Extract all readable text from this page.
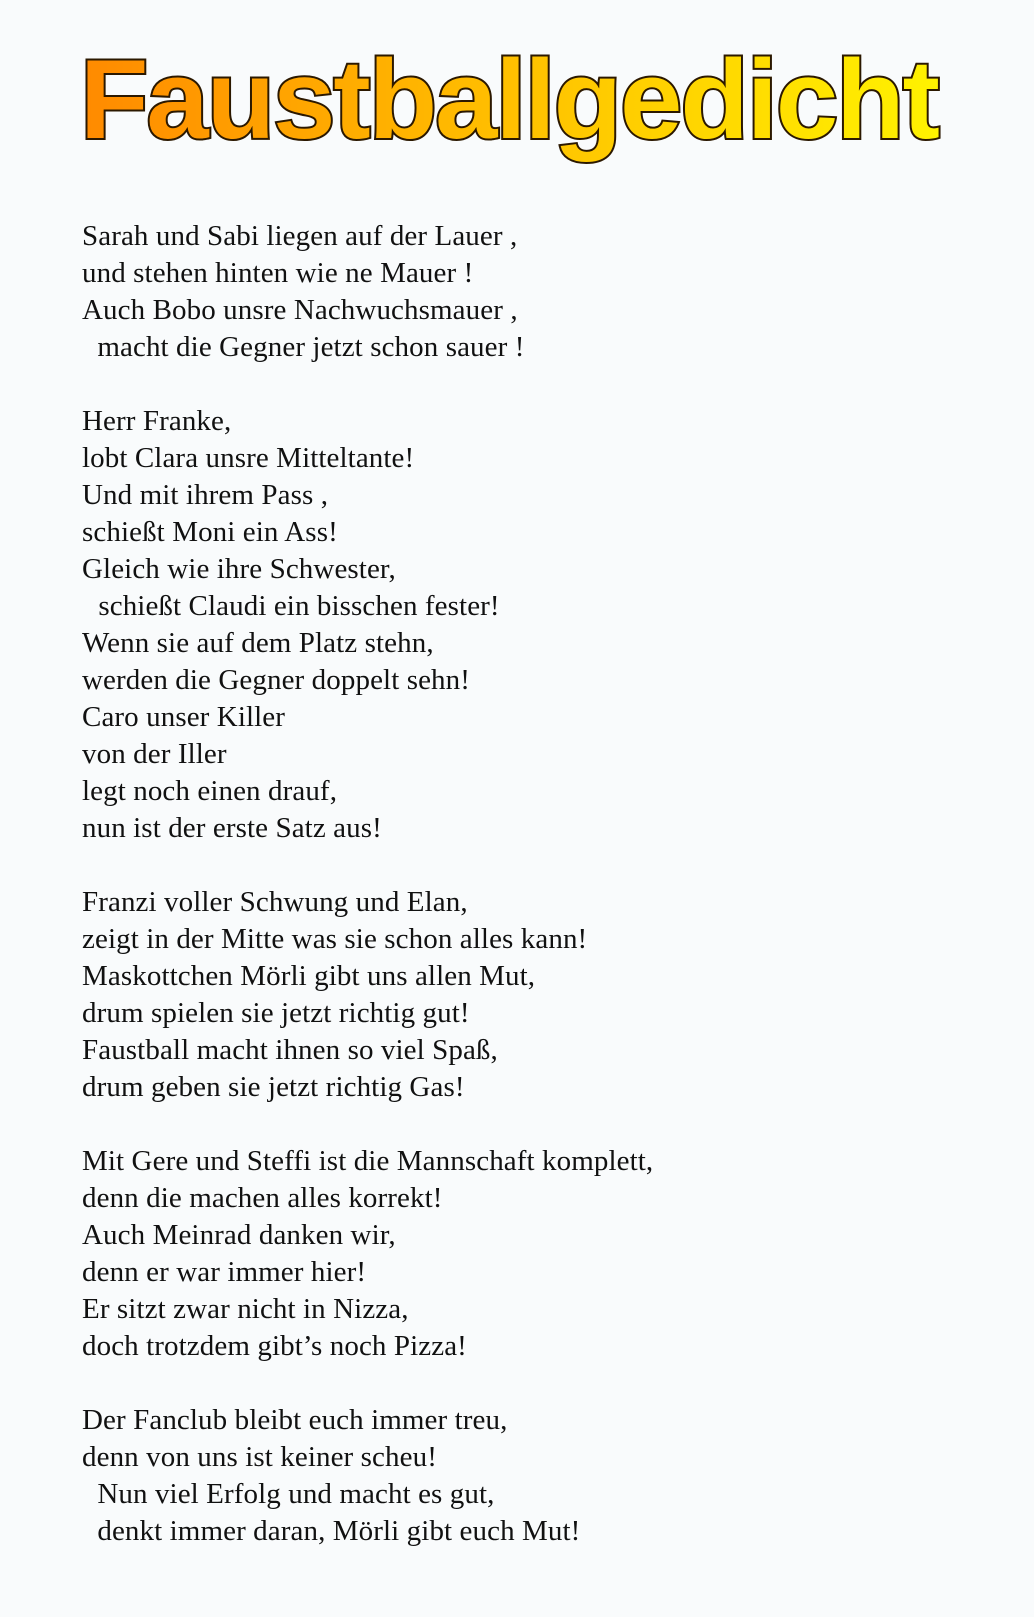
Faustballgedicht
Sarah und Sabi liegen auf der Lauer ,
und stehen hinten wie ne Mauer !
Auch Bobo unsre Nachwuchsmauer ,
macht die Gegner jetzt schon sauer !
Herr Franke,
lobt Clara unsre Mitteltante!
Und mit ihrem Pass ,
schießt Moni ein Ass!
Gleich wie ihre Schwester,
schießt Claudi ein bisschen fester!
Wenn sie auf dem Platz stehn,
werden die Gegner doppelt sehn!
Caro unser Killer
von der Iller
legt noch einen drauf,
nun ist der erste Satz aus!
Franzi voller Schwung und Elan,
zeigt in der Mitte was sie schon alles kann!
Maskottchen Mörli gibt uns allen Mut,
drum spielen sie jetzt richtig gut!
Faustball macht ihnen so viel Spaß,
drum geben sie jetzt richtig Gas!
Mit Gere und Steffi ist die Mannschaft komplett,
denn die machen alles korrekt!
Auch Meinrad danken wir,
denn er war immer hier!
Er sitzt zwar nicht in Nizza,
doch trotzdem gibt’s noch Pizza!
Der Fanclub bleibt euch immer treu,
denn von uns ist keiner scheu!
Nun viel Erfolg und macht es gut,
denkt immer daran, Mörli gibt euch Mut!
